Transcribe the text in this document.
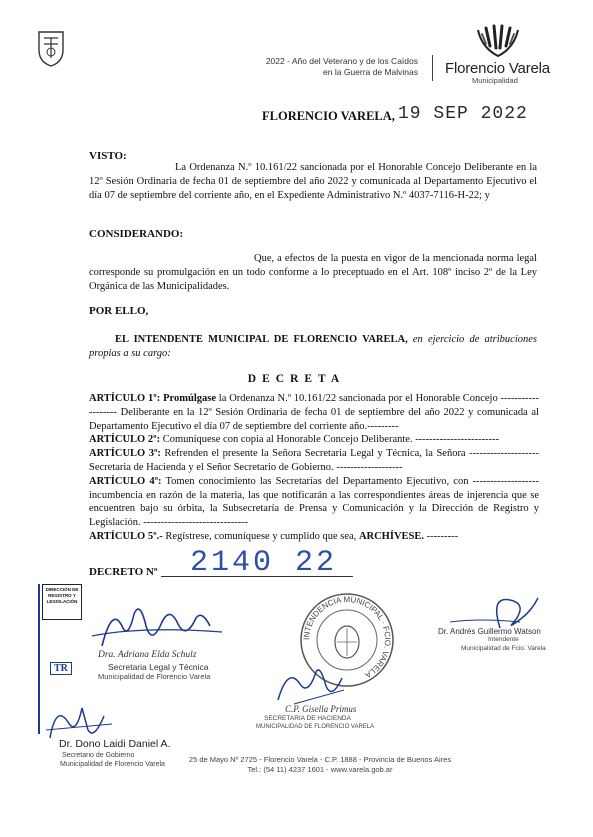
2022 - Año del Veterano y de los Caídos
en la Guerra de Malvinas Florencio Varela
Municipalidad
FLORENCIO VARELA, 19 SEP 2022
VISTO:
La Ordenanza N.º 10.161/22 sancionada por el Honorable Concejo Deliberante en la 12º Sesión Ordinaria de fecha 01 de septiembre del año 2022 y comunicada al Departamento Ejecutivo el día 07 de septiembre del corriente año, en el Expediente Administrativo N.º 4037-7116-H-22; y
CONSIDERANDO:
Que, a efectos de la puesta en vigor de la mencionada norma legal corresponde su promulgación en un todo conforme a lo preceptuado en el Art. 108º inciso 2º de la Ley Orgánica de las Municipalidades.
POR ELLO,
EL INTENDENTE MUNICIPAL DE FLORENCIO VARELA, en ejercicio de atribuciones propias a su cargo:
DECRETA
ARTÍCULO 1º: Promúlgase la Ordenanza N.º 10.161/22 sancionada por el Honorable Concejo ------------------- Deliberante en la 12º Sesión Ordinaria de fecha 01 de septiembre del año 2022 y comunicada al Departamento Ejecutivo el día 07 de septiembre del corriente año.---------
ARTÍCULO 2º: Comuníquese con copia al Honorable Concejo Deliberante. ------------------------
ARTÍCULO 3º: Refrenden el presente la Señora Secretaria Legal y Técnica, la Señora -------------------- Secretaria de Hacienda y el Señor Secretario de Gobierno. -------------------
ARTÍCULO 4º: Tomen conocimiento las Secretarías del Departamento Ejecutivo, con ------------------- incumbencia en razón de la materia, las que notificarán a las correspondientes áreas de injerencia que se encuentren bajo su órbita, la Subsecretaría de Prensa y Comunicación y la Dirección de Registro y Legislación. ------------------------------
ARTÍCULO 5º.- Regístrese, comuníquese y cumplido que sea, ARCHÍVESE. ---------
DECRETO Nº 2140 22
DIRECCIÓN DE
REGISTRO Y
LEGISLACIÓN
TR
INTENDENCIA MUNICIPAL · FCIO. VARELA
Dra. Adriana Elda Schulz
Secretaria Legal y Técnica
Municipalidad de Florencio Varela
Dr. Andrés Guillermo Watson
Intendente
Municipalidad de Fcio. Varela
C.P. Gisella Primus
SECRETARIA DE HACIENDA
MUNICIPALIDAD DE FLORENCIO VARELA
Dr. Dono Laidi Daniel A.
Secretario de Gobierno
Municipalidad de Florencio Varela
25 de Mayo Nº 2725 - Florencio Varela - C.P. 1888 - Provincia de Buenos Aires
Tel.: (54 11) 4237 1601 - www.varela.gob.ar
